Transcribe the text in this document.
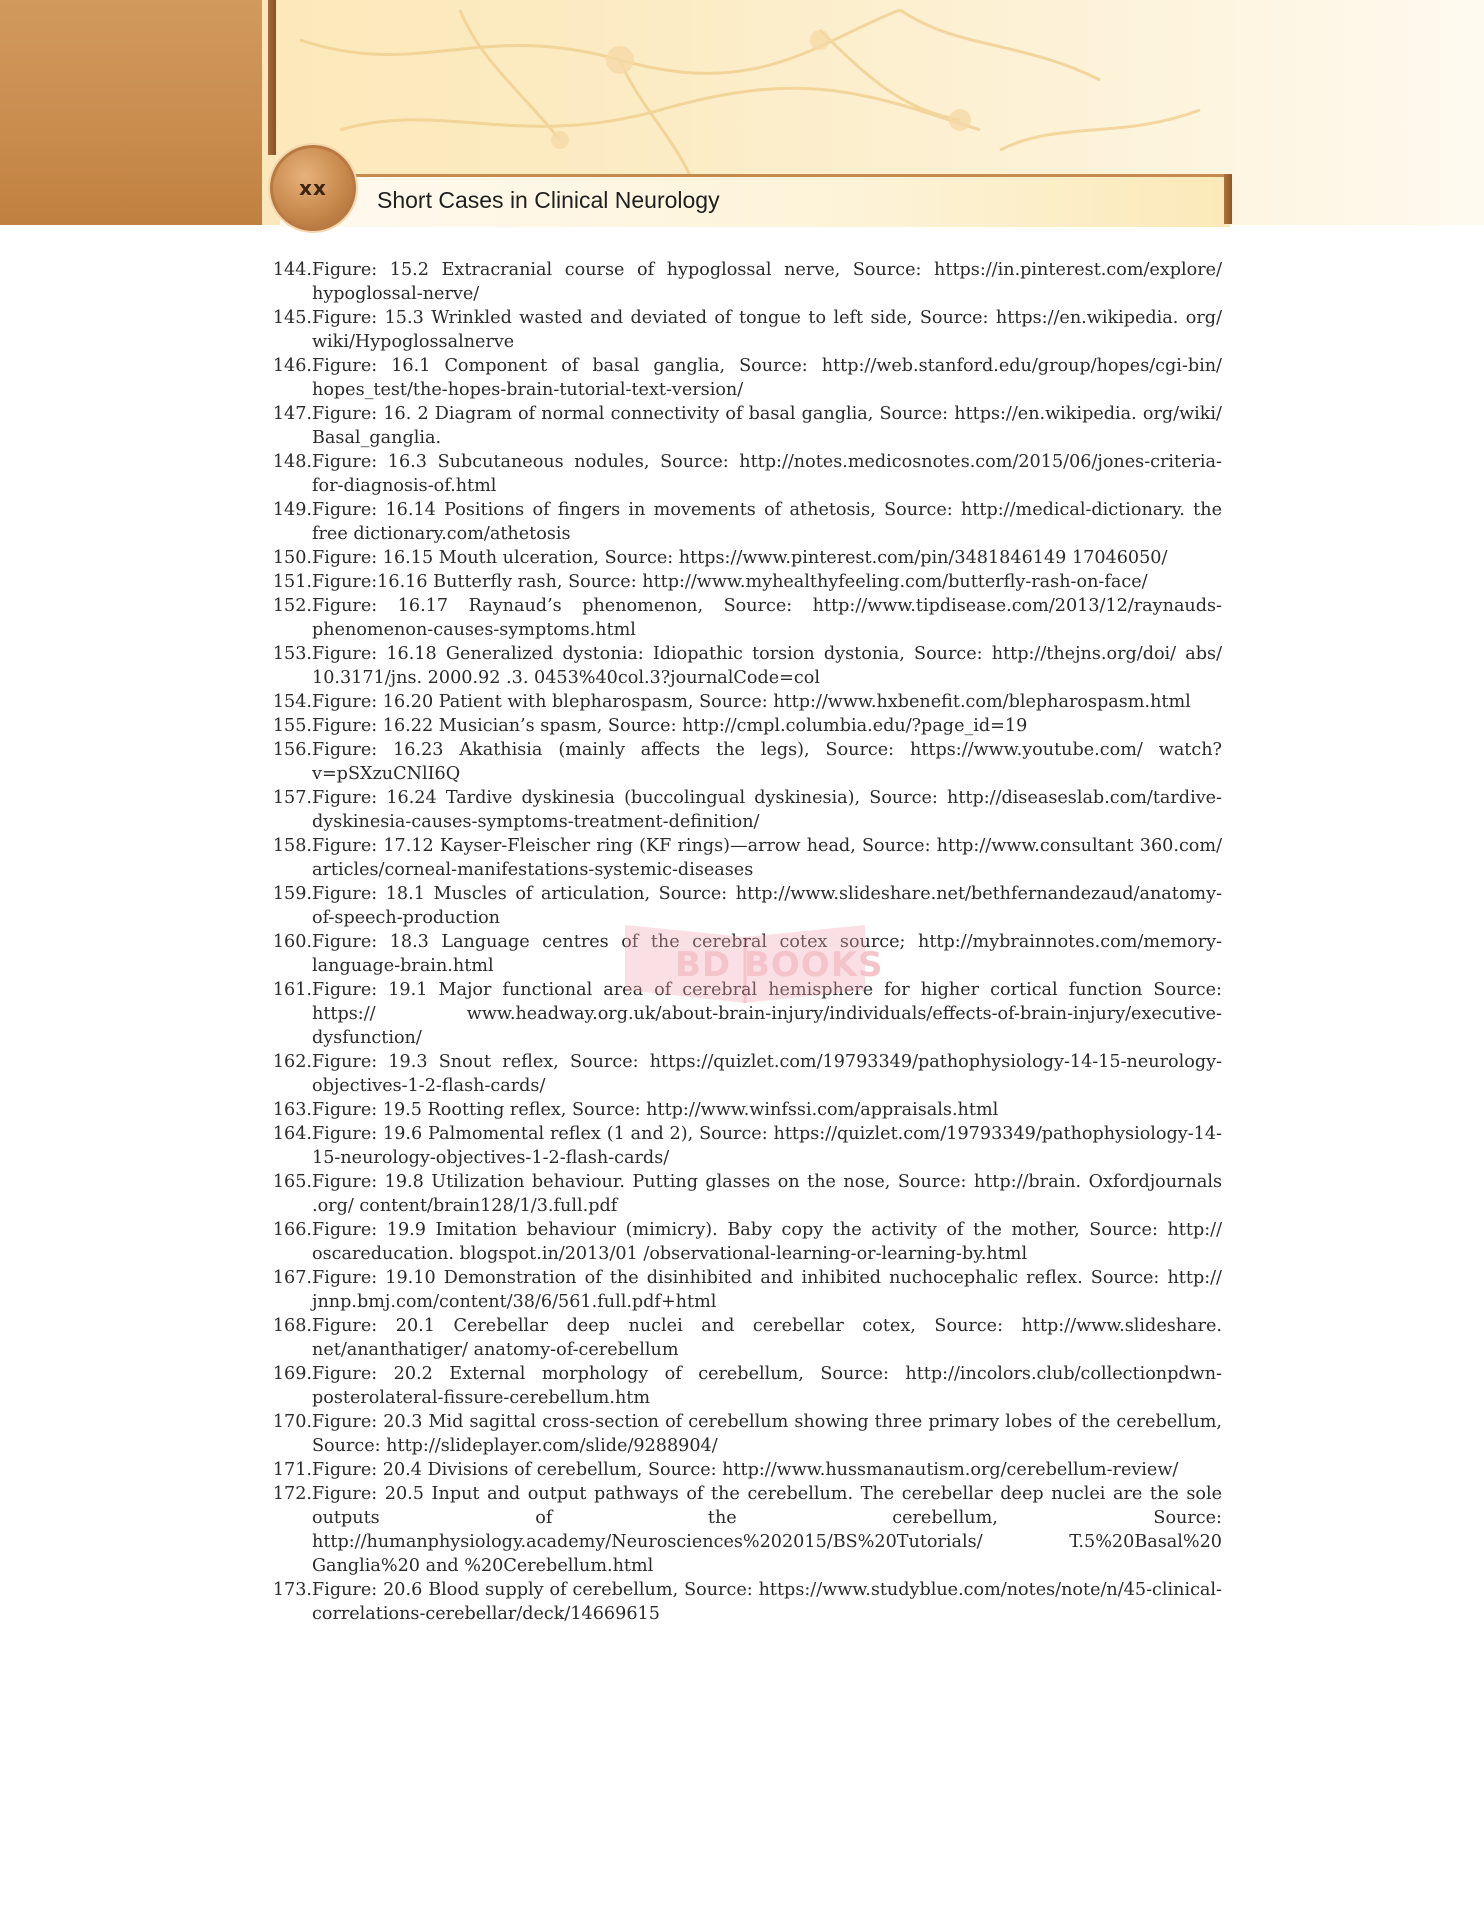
xx Short Cases in Clinical Neurology
144. Figure: 15.2 Extracranial course of hypoglossal nerve, Source: https://in.pinterest.com/explore/ hypoglossal-nerve/
145. Figure: 15.3 Wrinkled wasted and deviated of tongue to left side, Source: https://en.wikipedia. org/ wiki/Hypoglossalnerve
146. Figure: 16.1 Component of basal ganglia, Source: http://web.stanford.edu/group/hopes/cgi-bin/ hopes_test/the-hopes-brain-tutorial-text-version/
147. Figure: 16. 2 Diagram of normal connectivity of basal ganglia, Source: https://en.wikipedia. org/wiki/ Basal_ganglia.
148. Figure: 16.3 Subcutaneous nodules, Source: http://notes.medicosnotes.com/2015/06/jones-criteria-for-diagnosis-of.html
149. Figure: 16.14 Positions of fingers in movements of athetosis, Source: http://medical-dictionary. the free dictionary.com/athetosis
150. Figure: 16.15 Mouth ulceration, Source: https://www.pinterest.com/pin/3481846149 17046050/
151. Figure:16.16 Butterfly rash, Source: http://www.myhealthyfeeling.com/butterfly-rash-on-face/
152. Figure: 16.17 Raynaud’s phenomenon, Source: http://www.tipdisease.com/2013/12/raynauds-phenomenon-causes-symptoms.html
153. Figure: 16.18 Generalized dystonia: Idiopathic torsion dystonia, Source: http://thejns.org/doi/ abs/ 10.3171/jns. 2000.92 .3. 0453%40col.3?journalCode=col
154. Figure: 16.20 Patient with blepharospasm, Source: http://www.hxbenefit.com/blepharospasm.html
155. Figure: 16.22 Musician’s spasm, Source: http://cmpl.columbia.edu/?page_id=19
156. Figure: 16.23 Akathisia (mainly affects the legs), Source: https://www.youtube.com/ watch?v=pSXzuCNlI6Q
157. Figure: 16.24 Tardive dyskinesia (buccolingual dyskinesia), Source: http://diseaseslab.com/tardive-dyskinesia-causes-symptoms-treatment-definition/
158. Figure: 17.12 Kayser-Fleischer ring (KF rings)—arrow head, Source: http://www.consultant 360.com/ articles/corneal-manifestations-systemic-diseases
159. Figure: 18.1 Muscles of articulation, Source: http://www.slideshare.net/bethfernandezaud/anatomy-of-speech-production
160. Figure: 18.3 Language centres of the cerebral cotex source; http://mybrainnotes.com/memory-language-brain.html
161. Figure: 19.1 Major functional area of cerebral hemisphere for higher cortical function Source: https:// www.headway.org.uk/about-brain-injury/individuals/effects-of-brain-injury/executive-dysfunction/
162. Figure: 19.3 Snout reflex, Source: https://quizlet.com/19793349/pathophysiology-14-15-neurology-objectives-1-2-flash-cards/
163. Figure: 19.5 Rootting reflex, Source: http://www.winfssi.com/appraisals.html
164. Figure: 19.6 Palmomental reflex (1 and 2), Source: https://quizlet.com/19793349/pathophysiology-14-15-neurology-objectives-1-2-flash-cards/
165. Figure: 19.8 Utilization behaviour. Putting glasses on the nose, Source: http://brain. Oxfordjournals .org/ content/brain128/1/3.full.pdf
166. Figure: 19.9 Imitation behaviour (mimicry). Baby copy the activity of the mother, Source: http:// oscareducation. blogspot.in/2013/01 /observational-learning-or-learning-by.html
167. Figure: 19.10 Demonstration of the disinhibited and inhibited nuchocephalic reflex. Source: http:// jnnp.bmj.com/content/38/6/561.full.pdf+html
168. Figure: 20.1 Cerebellar deep nuclei and cerebellar cotex, Source: http://www.slideshare. net/ananthatiger/ anatomy-of-cerebellum
169. Figure: 20.2 External morphology of cerebellum, Source: http://incolors.club/collectionpdwn-posterolateral-fissure-cerebellum.htm
170. Figure: 20.3 Mid sagittal cross-section of cerebellum showing three primary lobes of the cerebellum, Source: http://slideplayer.com/slide/9288904/
171. Figure: 20.4 Divisions of cerebellum, Source: http://www.hussmanautism.org/cerebellum-review/
172. Figure: 20.5 Input and output pathways of the cerebellum. The cerebellar deep nuclei are the sole outputs of the cerebellum, Source: http://humanphysiology.academy/Neurosciences%202015/BS%20Tutorials/ T.5%20Basal%20 Ganglia%20 and %20Cerebellum.html
173. Figure: 20.6 Blood supply of cerebellum, Source: https://www.studyblue.com/notes/note/n/45-clinical-correlations-cerebellar/deck/14669615
BD BOOKS
